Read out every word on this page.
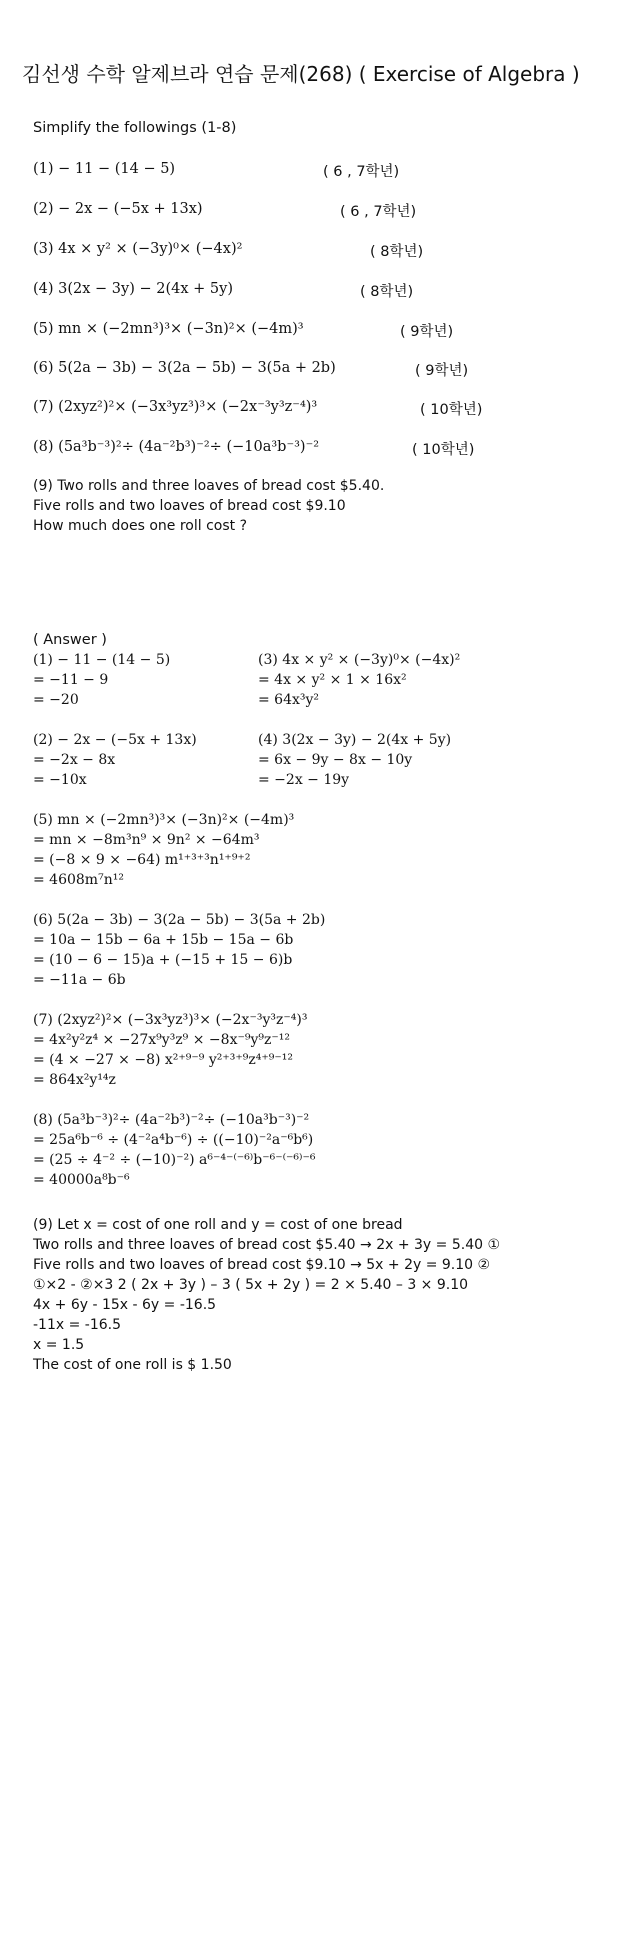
김선생 수학 알제브라 연습 문제(268) ( Exercise of Algebra )
Simplify the followings (1-8)
(1) − 11 − (14 − 5)	( 6 , 7학년)
(2) − 2x − (−5x + 13x)	( 6 , 7학년)
(3) 4x × y² × (−3y)⁰× (−4x)²	( 8학년)
(4) 3(2x − 3y) − 2(4x + 5y)	( 8학년)
(5) mn × (−2mn³)³× (−3n)²× (−4m)³	( 9학년)
(6) 5(2a − 3b) − 3(2a − 5b) − 3(5a + 2b)	( 9학년)
(7) (2xyz²)²× (−3x³yz³)³× (−2x⁻³y³z⁻⁴)³	( 10학년)
(8) (5a³b⁻³)²÷ (4a⁻²b³)⁻²÷ (−10a³b⁻³)⁻²	( 10학년)
(9) Two rolls and three loaves of bread cost $5.40.
Five rolls and two loaves of bread cost $9.10
How much does one roll cost ?
( Answer )
(1) − 11 − (14 − 5)
= −11 − 9
= −20
(3) 4x × y² × (−3y)⁰× (−4x)²
= 4x × y² × 1 × 16x²
= 64x³y²
(2) − 2x − (−5x + 13x)
= −2x − 8x
= −10x
(4) 3(2x − 3y) − 2(4x + 5y)
= 6x − 9y − 8x − 10y
= −2x − 19y
(5) mn × (−2mn³)³× (−3n)²× (−4m)³
= mn × −8m³n⁹ × 9n² × −64m³
= (−8 × 9 × −64) m¹⁺³⁺³n¹⁺⁹⁺²
= 4608m⁷n¹²
(6) 5(2a − 3b) − 3(2a − 5b) − 3(5a + 2b)
= 10a − 15b − 6a + 15b − 15a − 6b
= (10 − 6 − 15)a + (−15 + 15 − 6)b
= −11a − 6b
(7) (2xyz²)²× (−3x³yz³)³× (−2x⁻³y³z⁻⁴)³
= 4x²y²z⁴ × −27x⁹y³z⁹ × −8x⁻⁹y⁹z⁻¹²
= (4 × −27 × −8) x²⁺⁹⁻⁹ y²⁺³⁺⁹z⁴⁺⁹⁻¹²
= 864x²y¹⁴z
(8) (5a³b⁻³)²÷ (4a⁻²b³)⁻²÷ (−10a³b⁻³)⁻²
= 25a⁶b⁻⁶ ÷ (4⁻²a⁴b⁻⁶) ÷ ((−10)⁻²a⁻⁶b⁶)
= (25 ÷ 4⁻² ÷ (−10)⁻²) a⁶⁻⁴⁻⁽⁻⁶⁾b⁻⁶⁻⁽⁻⁶⁾⁻⁶
= 40000a⁸b⁻⁶
(9) Let x = cost of one roll and y = cost of one bread
Two rolls and three loaves of bread cost $5.40 → 2x + 3y = 5.40 ①
Five rolls and two loaves of bread cost $9.10 → 5x + 2y = 9.10 ②
①×2 - ②×3 2 ( 2x + 3y ) – 3 ( 5x + 2y ) = 2 × 5.40 – 3 × 9.10
4x + 6y - 15x - 6y = -16.5
-11x = -16.5
x = 1.5
The cost of one roll is $ 1.50
